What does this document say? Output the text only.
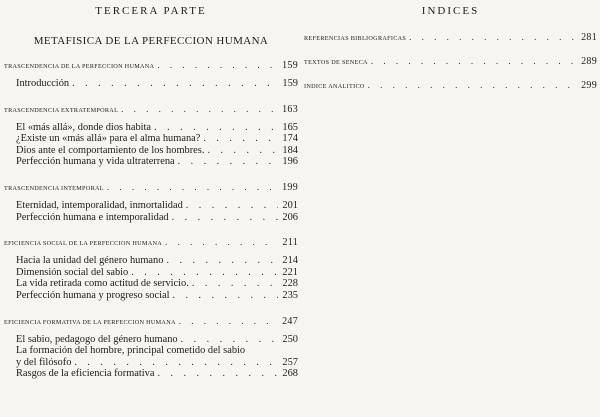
TERCERA PARTE
METAFISICA DE LA PERFECCION HUMANA
TRASCENDENCIA DE LA PERFECCION HUMANA . . .	159
Introducción . . .	159
TRASCENDENCIA EXTRATEMPORAL . . .	163
El «más allá», donde dios habita . . .	165
¿Existe un «más allá» para el alma humana? . . .	174
Dios ante el comportamiento de los hombres. . . .	184
Perfección humana y vida ultraterrena . . .	196
TRASCENDENCIA INTEMPORAL . . .	199
Eternidad, intemporalidad, inmortalidad . . .	201
Perfección humana e intemporalidad . . .	206
EFICIENCIA SOCIAL DE LA PERFECCION HUMANA . . .	211
Hacia la unidad del género humano . . .	214
Dimensión social del sabio . . .	221
La vida retirada como actitud de servicio. . . .	228
Perfección humana y progreso social . . .	235
EFICIENCIA FORMATIVA DE LA PERFECCION HUMANA . . .	247
El sabio, pedagogo del género humano . . .	250
La formación del hombre, principal cometido del sabio
y del filósofo . . .	257
Rasgos de la eficiencia formativa . . .	268
INDICES
REFERENCIAS BIBLIOGRAFICAS . . .	281
TEXTOS DE SENECA . . .	289
INDICE ANALITICO . . .	299
